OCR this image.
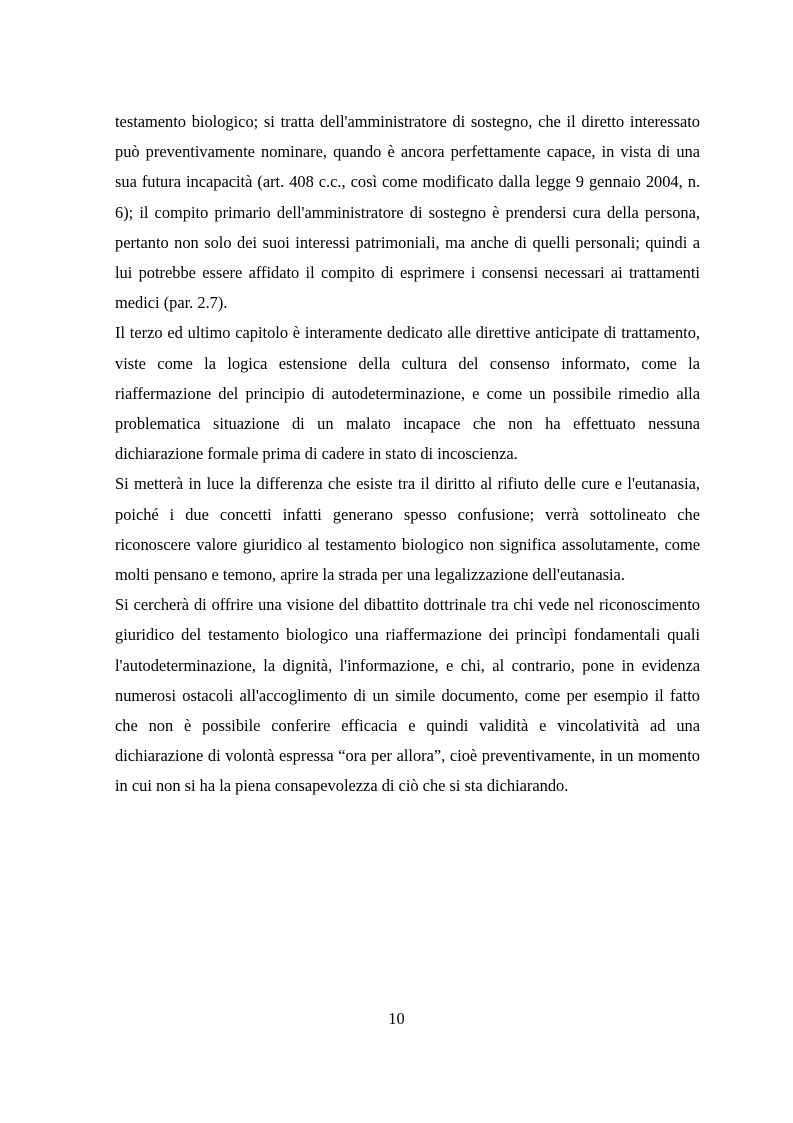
testamento biologico; si tratta dell'amministratore di sostegno, che il diretto interessato può preventivamente nominare, quando è ancora perfettamente capace, in vista di una sua futura incapacità (art. 408 c.c., così come modificato dalla legge 9 gennaio 2004, n. 6); il compito primario dell'amministratore di sostegno è prendersi cura della persona, pertanto non solo dei suoi interessi patrimoniali, ma anche di quelli personali; quindi a lui potrebbe essere affidato il compito di esprimere i consensi necessari ai trattamenti medici (par. 2.7).

Il terzo ed ultimo capitolo è interamente dedicato alle direttive anticipate di trattamento, viste come la logica estensione della cultura del consenso informato, come la riaffermazione del principio di autodeterminazione, e come un possibile rimedio alla problematica situazione di un malato incapace che non ha effettuato nessuna dichiarazione formale prima di cadere in stato di incoscienza.

Si metterà in luce la differenza che esiste tra il diritto al rifiuto delle cure e l'eutanasia, poiché i due concetti infatti generano spesso confusione; verrà sottolineato che riconoscere valore giuridico al testamento biologico non significa assolutamente, come molti pensano e temono, aprire la strada per una legalizzazione dell'eutanasia.

Si cercherà di offrire una visione del dibattito dottrinale tra chi vede nel riconoscimento giuridico del testamento biologico una riaffermazione dei princìpi fondamentali quali l'autodeterminazione, la dignità, l'informazione, e chi, al contrario, pone in evidenza numerosi ostacoli all'accoglimento di un simile documento, come per esempio il fatto che non è possibile conferire efficacia e quindi validità e vincolatività ad una dichiarazione di volontà espressa “ora per allora”, cioè preventivamente, in un momento in cui non si ha la piena consapevolezza di ciò che si sta dichiarando.

10
